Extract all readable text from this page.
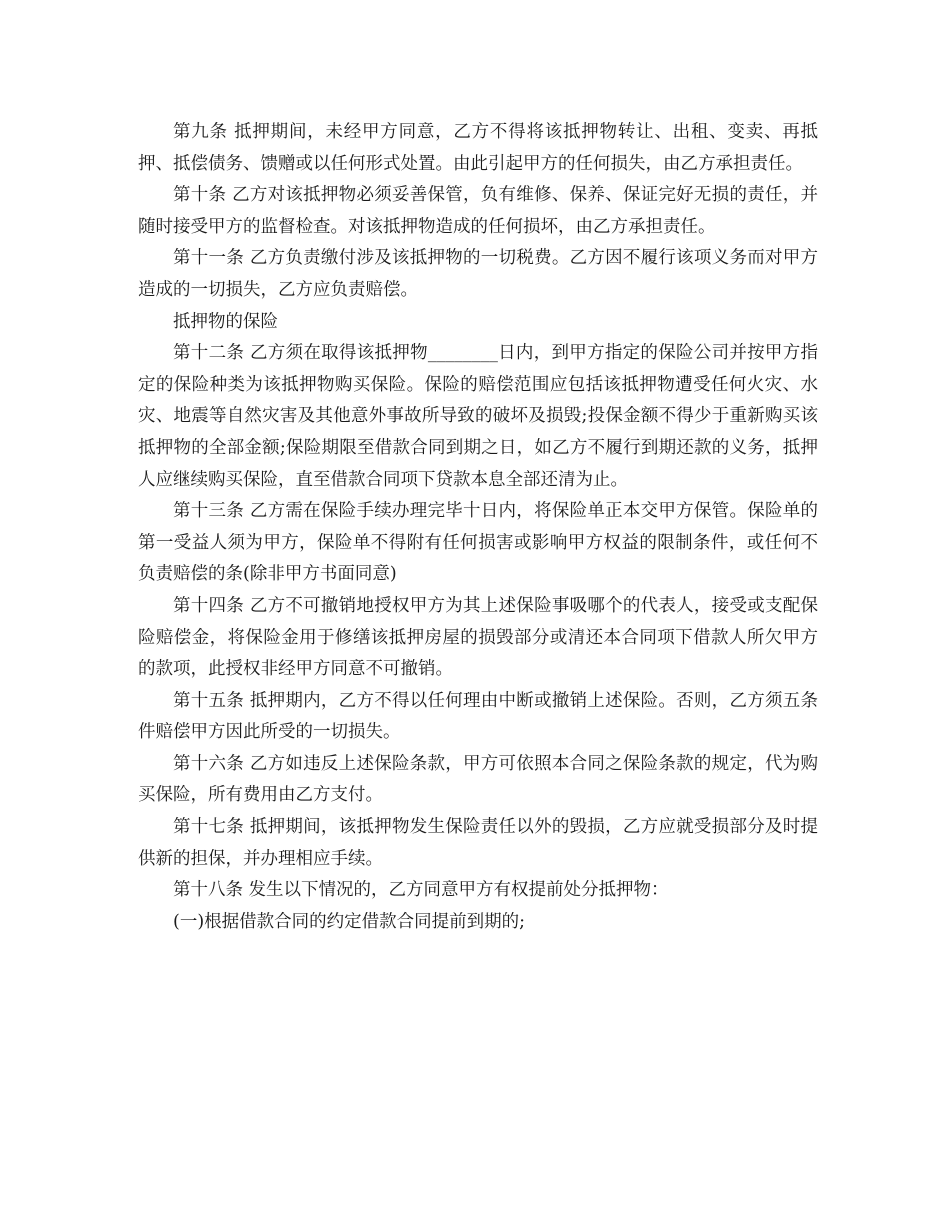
第九条 抵押期间，未经甲方同意，乙方不得将该抵押物转让、出租、变卖、再抵押、抵偿债务、馈赠或以任何形式处置。由此引起甲方的任何损失，由乙方承担责任。

第十条 乙方对该抵押物必须妥善保管，负有维修、保养、保证完好无损的责任，并随时接受甲方的监督检查。对该抵押物造成的任何损坏，由乙方承担责任。

第十一条 乙方负责缴付涉及该抵押物的一切税费。乙方因不履行该项义务而对甲方造成的一切损失，乙方应负责赔偿。

抵押物的保险

第十二条 乙方须在取得该抵押物________日内，到甲方指定的保险公司并按甲方指定的保险种类为该抵押物购买保险。保险的赔偿范围应包括该抵押物遭受任何火灾、水灾、地震等自然灾害及其他意外事故所导致的破坏及损毁;投保金额不得少于重新购买该抵押物的全部金额;保险期限至借款合同到期之日，如乙方不履行到期还款的义务，抵押人应继续购买保险，直至借款合同项下贷款本息全部还清为止。

第十三条 乙方需在保险手续办理完毕十日内，将保险单正本交甲方保管。保险单的第一受益人须为甲方，保险单不得附有任何损害或影响甲方权益的限制条件，或任何不负责赔偿的条(除非甲方书面同意)

第十四条 乙方不可撤销地授权甲方为其上述保险事吸哪个的代表人，接受或支配保险赔偿金，将保险金用于修缮该抵押房屋的损毁部分或清还本合同项下借款人所欠甲方的款项，此授权非经甲方同意不可撤销。

第十五条 抵押期内，乙方不得以任何理由中断或撤销上述保险。否则，乙方须五条件赔偿甲方因此所受的一切损失。

第十六条 乙方如违反上述保险条款，甲方可依照本合同之保险条款的规定，代为购买保险，所有费用由乙方支付。

第十七条 抵押期间，该抵押物发生保险责任以外的毁损，乙方应就受损部分及时提供新的担保，并办理相应手续。

第十八条 发生以下情况的，乙方同意甲方有权提前处分抵押物：

(一)根据借款合同的约定借款合同提前到期的;
